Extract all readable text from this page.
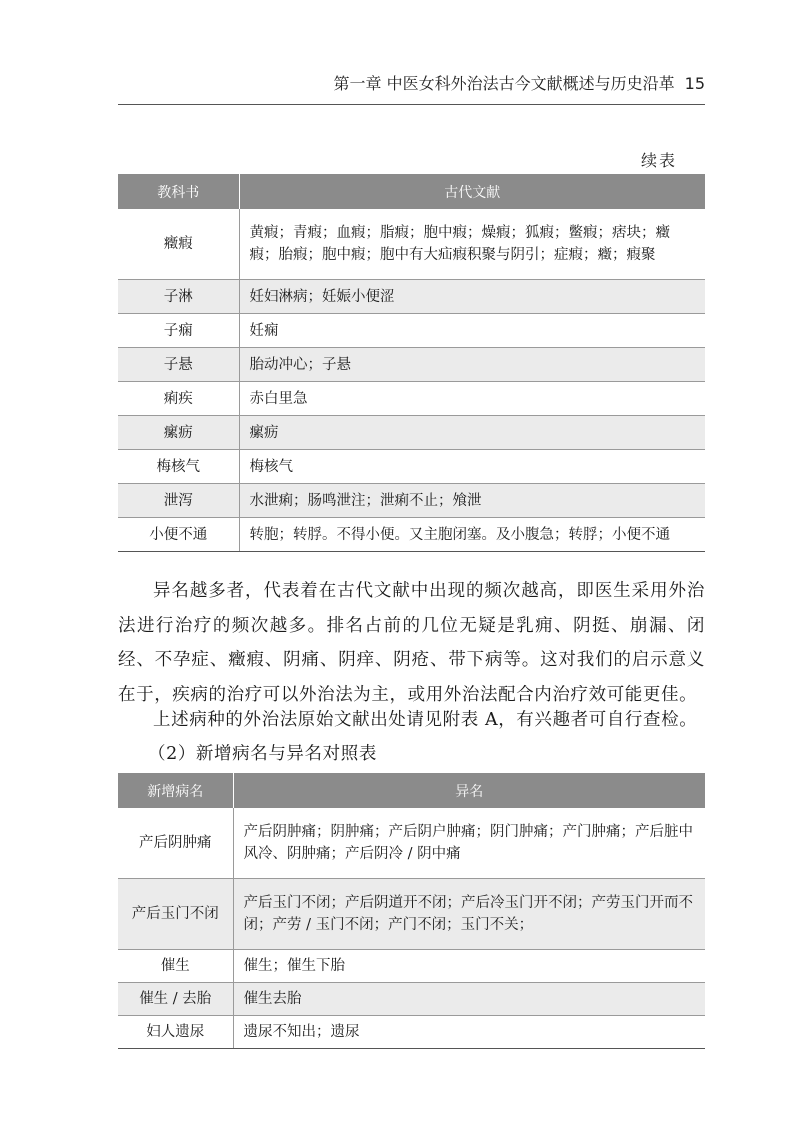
第一章 中医女科外治法古今文献概述与历史沿革 15
续表
教科书	古代文献
癥瘕	黄瘕；青瘕；血瘕；脂瘕；胞中瘕；燥瘕；狐瘕；鳖瘕；痞块；癥瘕；胎瘕；胞中瘕；胞中有大疝瘕积聚与阴引；症瘕；癥；瘕聚
子淋	妊妇淋病；妊娠小便涩
子痫	妊痫
子悬	胎动冲心；子悬
痢疾	赤白里急
瘰疬	瘰疬
梅核气	梅核气
泄泻	水泄痢；肠鸣泄注；泄痢不止；飧泄
小便不通	转胞；转脬。不得小便。又主胞闭塞。及小腹急；转脬；小便不通
异名越多者，代表着在古代文献中出现的频次越高，即医生采用外治法进行治疗的频次越多。排名占前的几位无疑是乳痈、阴挺、崩漏、闭经、不孕症、癥瘕、阴痛、阴痒、阴疮、带下病等。这对我们的启示意义在于，疾病的治疗可以外治法为主，或用外治法配合内治疗效可能更佳。
上述病种的外治法原始文献出处请见附表 A，有兴趣者可自行查检。
（2）新增病名与异名对照表
新增病名	异名
产后阴肿痛	产后阴肿痛；阴肿痛；产后阴户肿痛；阴门肿痛；产门肿痛；产后脏中风冷、阴肿痛；产后阴冷 / 阴中痛
产后玉门不闭	产后玉门不闭；产后阴道开不闭；产后冷玉门开不闭；产劳玉门开而不闭；产劳 / 玉门不闭；产门不闭；玉门不关；
催生	催生；催生下胎
催生 / 去胎	催生去胎
妇人遗尿	遗尿不知出；遗尿
